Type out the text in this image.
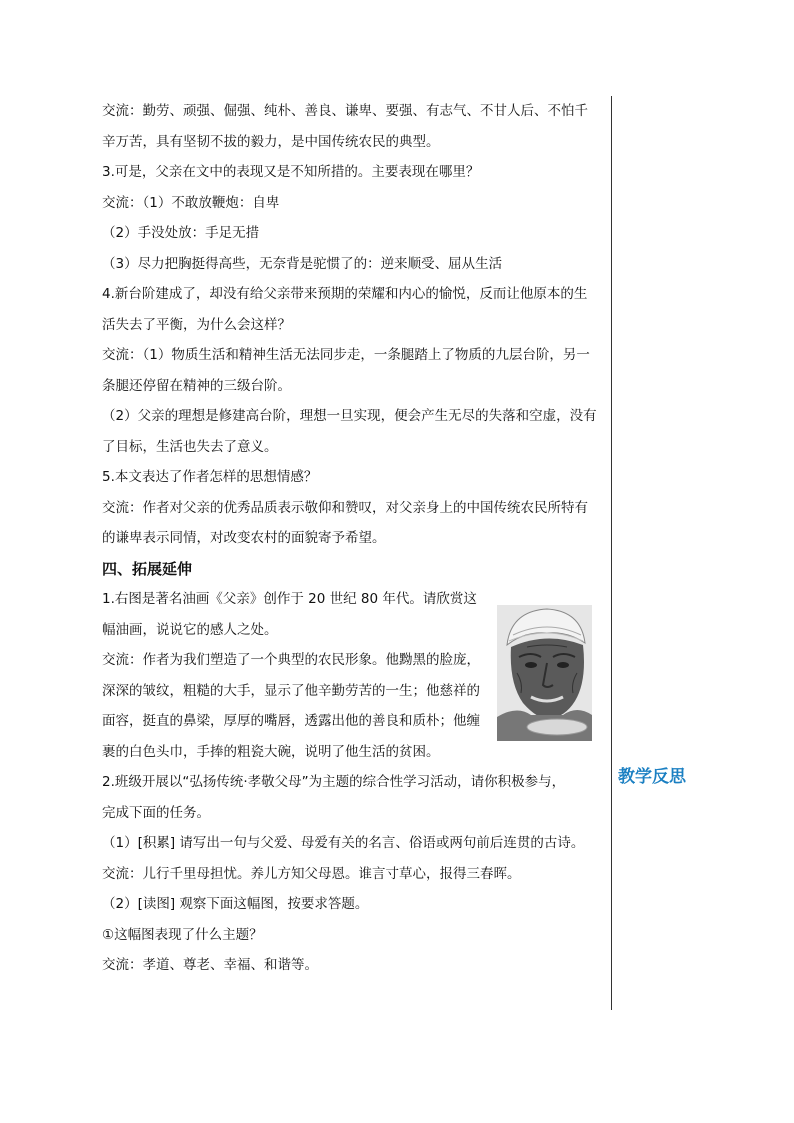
交流：勤劳、顽强、倔强、纯朴、善良、谦卑、要强、有志气、不甘人后、不怕千
辛万苦，具有坚韧不拔的毅力，是中国传统农民的典型。
3.可是，父亲在文中的表现又是不知所措的。主要表现在哪里？
交流：（1）不敢放鞭炮：自卑
（2）手没处放：手足无措
（3）尽力把胸挺得高些，无奈背是驼惯了的：逆来顺受、屈从生活
4.新台阶建成了，却没有给父亲带来预期的荣耀和内心的愉悦，反而让他原本的生
活失去了平衡，为什么会这样？
交流：（1）物质生活和精神生活无法同步走，一条腿踏上了物质的九层台阶，另一
条腿还停留在精神的三级台阶。
（2）父亲的理想是修建高台阶，理想一旦实现，便会产生无尽的失落和空虚，没有
了目标，生活也失去了意义。
5.本文表达了作者怎样的思想情感？
交流：作者对父亲的优秀品质表示敬仰和赞叹，对父亲身上的中国传统农民所特有
的谦卑表示同情，对改变农村的面貌寄予希望。
四、拓展延伸
1.右图是著名油画《父亲》创作于 20 世纪 80 年代。请欣赏这
幅油画，说说它的感人之处。
交流：作者为我们塑造了一个典型的农民形象。他黝黑的脸庞，
深深的皱纹，粗糙的大手，显示了他辛勤劳苦的一生；他慈祥的
面容，挺直的鼻梁，厚厚的嘴唇，透露出他的善良和质朴；他缠
裹的白色头巾，手捧的粗瓷大碗，说明了他生活的贫困。
2.班级开展以“弘扬传统·孝敬父母”为主题的综合性学习活动，请你积极参与，
完成下面的任务。
（1）[积累] 请写出一句与父爱、母爱有关的名言、俗语或两句前后连贯的古诗。
交流：儿行千里母担忧。养儿方知父母恩。谁言寸草心，报得三春晖。
（2）[读图] 观察下面这幅图，按要求答题。
①这幅图表现了什么主题？
交流：孝道、尊老、幸福、和谐等。
教学反思
